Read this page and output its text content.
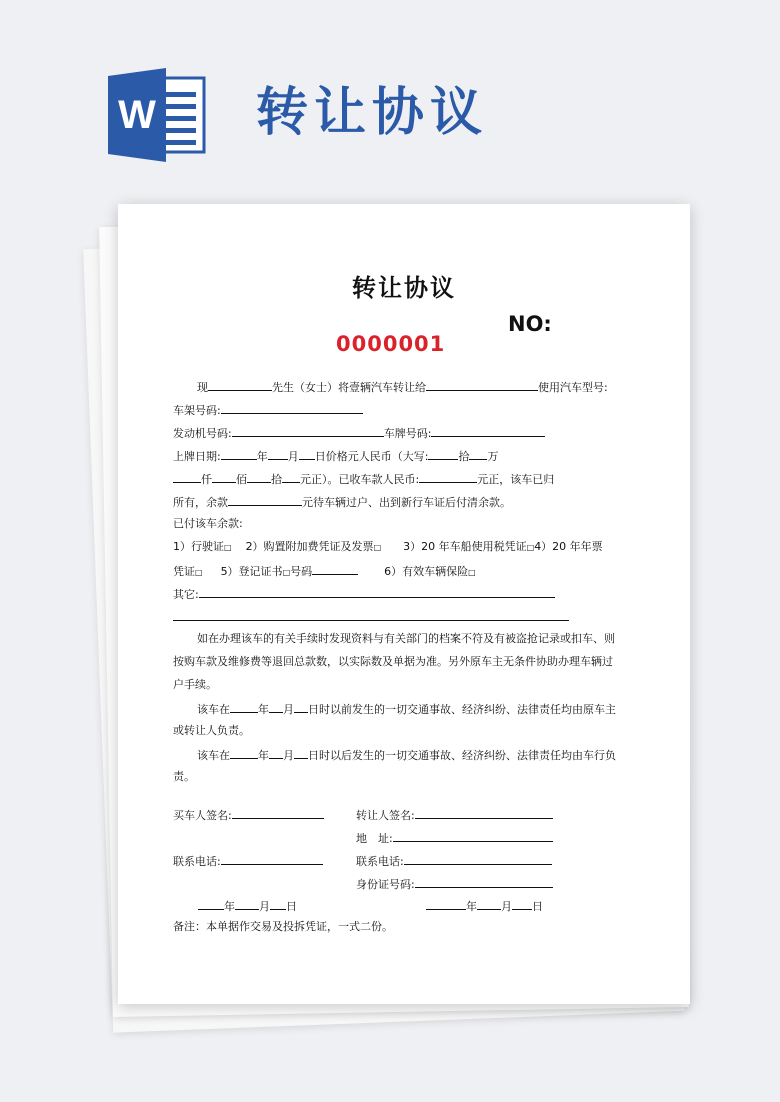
W 转让协议
转让协议
NO:
0000001
现	先生（女士）将壹辆汽车转让给	使用汽车型号:
车架号码:
发动机号码:	车牌号码:
上牌日期:	年 月 日价格元人民币（大写:	拾 万
仟 佰 拾 元正）。已收车款人民币:	元正，该车已归
所有，余款	元待车辆过户、出到新行车证后付清余款。
已付该车余款:
1）行驶证□ 2）购置附加费凭证及发票□ 3）20 年车船使用税凭证□4）20 年年票
凭证□ 5）登记证书□号码	6）有效车辆保险□
其它:
如在办理该车的有关手续时发现资料与有关部门的档案不符及有被盗抢记录或扣车、则
按购车款及维修费等退回总款数，以实际数及单据为准。另外原车主无条件协助办理车辆过
户手续。
该车在	年 月 日时以前发生的一切交通事故、经济纠纷、法律责任均由原车主
或转让人负责。
该车在	年 月 日时以后发生的一切交通事故、经济纠纷、法律责任均由车行负
责。
买车人签名:	转让人签名:
地　址:
联系电话:	联系电话:
身份证号码:
年 月 日	年 月 日
备注：本单据作交易及投拆凭证，一式二份。
